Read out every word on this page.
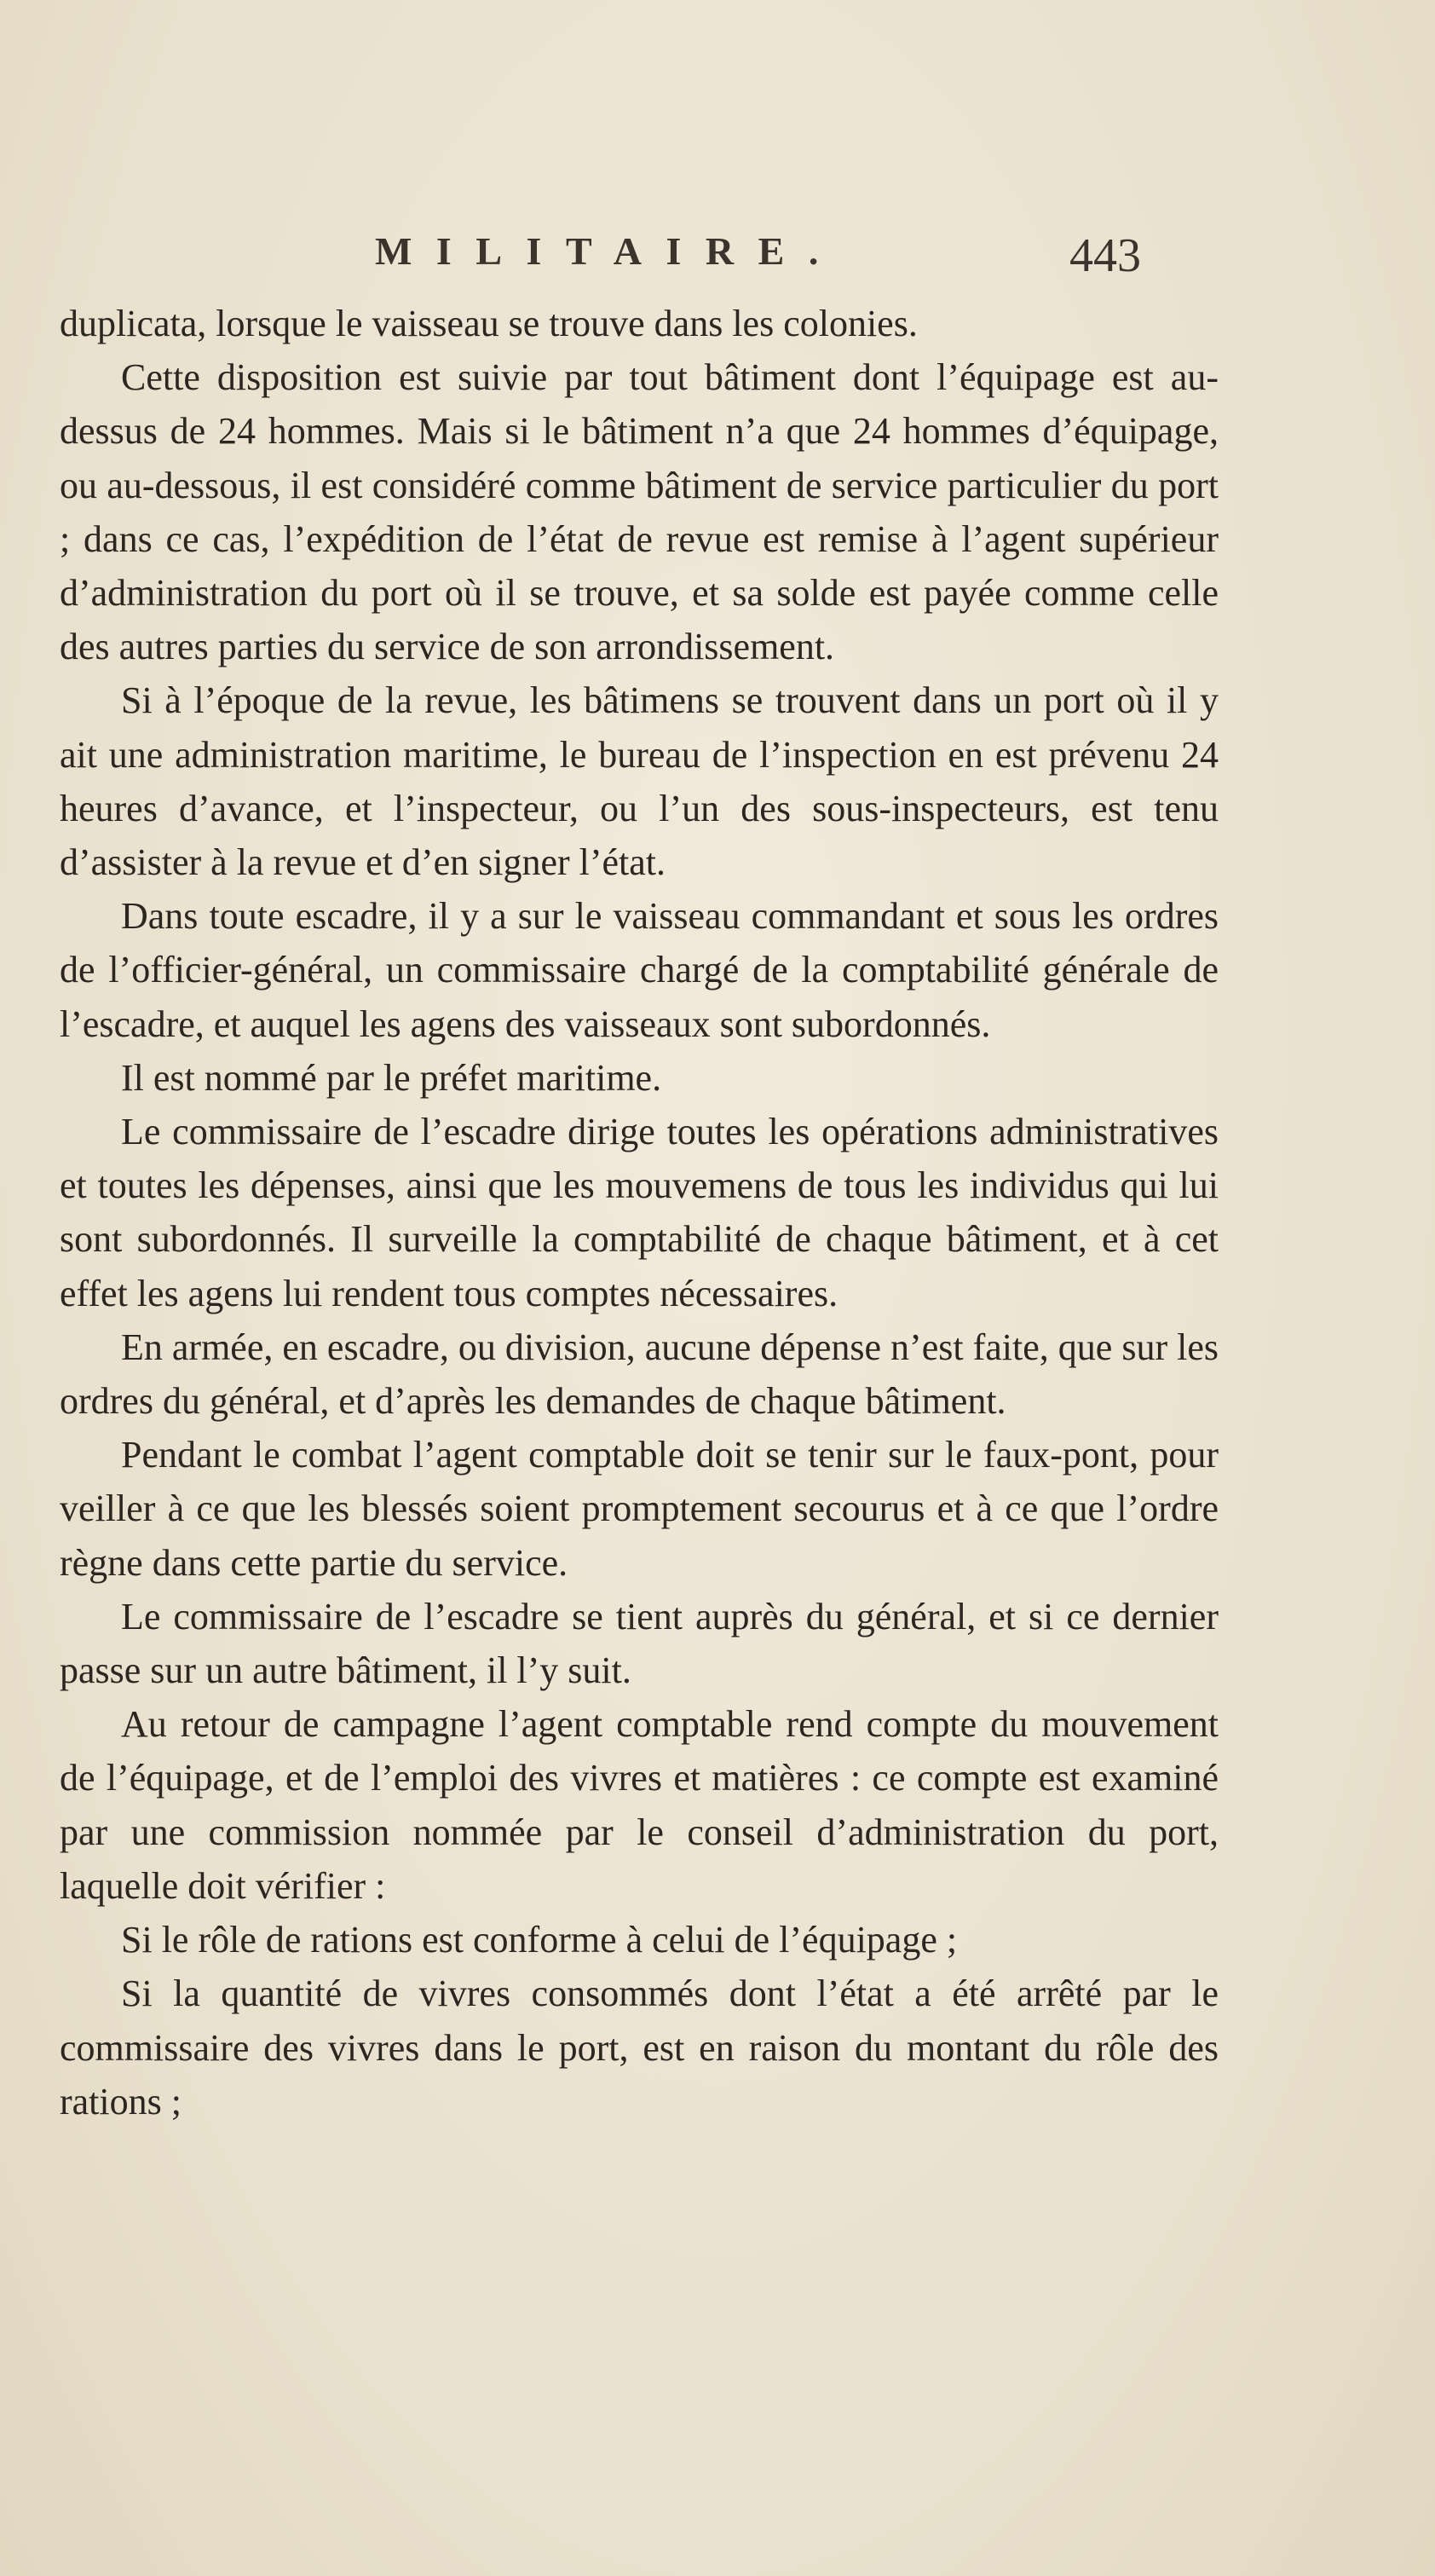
MILITAIRE.	443

duplicata, lorsque le vaisseau se trouve dans les colonies.

Cette disposition est suivie par tout bâtiment dont l’équipage est au-dessus de 24 hommes. Mais si le bâtiment n’a que 24 hommes d’équipage, ou au-dessous, il est considéré comme bâtiment de service particulier du port ; dans ce cas, l’expédition de l’état de revue est remise à l’agent supérieur d’administration du port où il se trouve, et sa solde est payée comme celle des autres parties du service de son arrondissement.

Si à l’époque de la revue, les bâtimens se trouvent dans un port où il y ait une administration maritime, le bureau de l’inspection en est prévenu 24 heures d’avance, et l’inspecteur, ou l’un des sous-inspecteurs, est tenu d’assister à la revue et d’en signer l’état.

Dans toute escadre, il y a sur le vaisseau commandant et sous les ordres de l’officier-général, un commissaire chargé de la comptabilité générale de l’escadre, et auquel les agens des vaisseaux sont subordonnés.

Il est nommé par le préfet maritime.

Le commissaire de l’escadre dirige toutes les opérations administratives et toutes les dépenses, ainsi que les mouvemens de tous les individus qui lui sont subordonnés. Il surveille la comptabilité de chaque bâtiment, et à cet effet les agens lui rendent tous comptes nécessaires.

En armée, en escadre, ou division, aucune dépense n’est faite, que sur les ordres du général, et d’après les demandes de chaque bâtiment.

Pendant le combat l’agent comptable doit se tenir sur le faux-pont, pour veiller à ce que les blessés soient promptement secourus et à ce que l’ordre règne dans cette partie du service.

Le commissaire de l’escadre se tient auprès du général, et si ce dernier passe sur un autre bâtiment, il l’y suit.

Au retour de campagne l’agent comptable rend compte du mouvement de l’équipage, et de l’emploi des vivres et matières : ce compte est examiné par une commission nommée par le conseil d’administration du port, laquelle doit vérifier :

Si le rôle de rations est conforme à celui de l’équipage ;

Si la quantité de vivres consommés dont l’état a été arrêté par le commissaire des vivres dans le port, est en raison du montant du rôle des rations ;
